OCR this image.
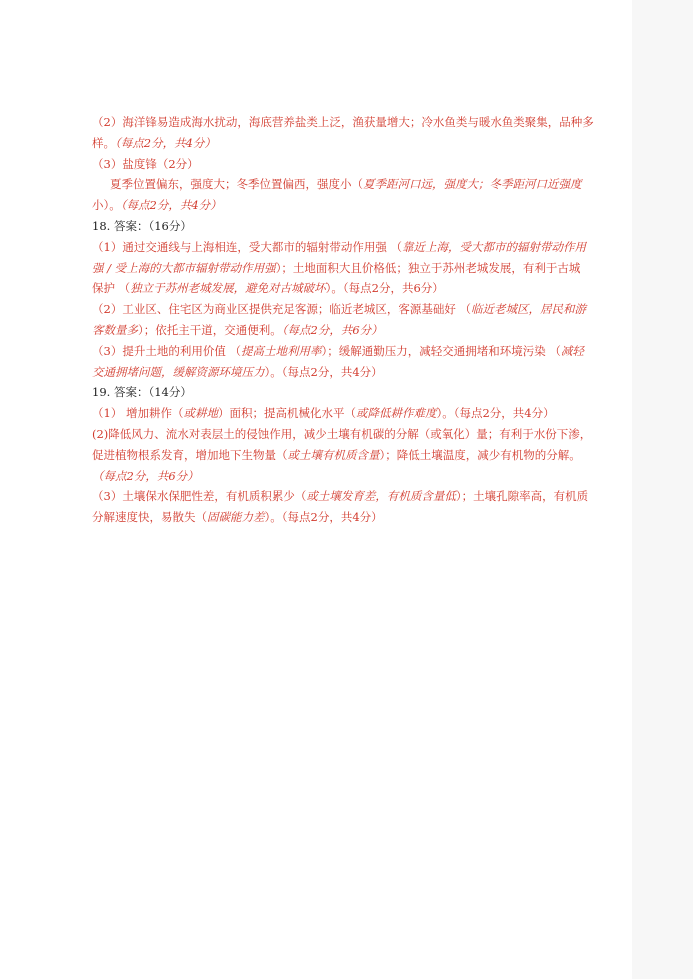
（2）海洋锋易造成海水扰动，海底营养盐类上泛，渔获量增大；冷水鱼类与暖水鱼类聚集，品种多
样。（每点2分，共4分）
（3）盐度锋（2分）
夏季位置偏东，强度大；冬季位置偏西，强度小（夏季距河口远，强度大；冬季距河口近强度
小）。（每点2分，共4分）
18. 答案：（16分）
（1）通过交通线与上海相连，受大都市的辐射带动作用强 （靠近上海，受大都市的辐射带动作用
强 / 受上海的大都市辐射带动作用强）；土地面积大且价格低；独立于苏州老城发展，有利于古城
保护 （独立于苏州老城发展，避免对古城破坏）。（每点2分，共6分）
（2）工业区、住宅区为商业区提供充足客源；临近老城区，客源基础好 （临近老城区，居民和游
客数量多）；依托主干道，交通便利。（每点2分，共6分）
（3）提升土地的利用价值 （提高土地利用率）；缓解通勤压力，减轻交通拥堵和环境污染 （减轻
交通拥堵问题，缓解资源环境压力）。（每点2分，共4分）
19. 答案：（14分）
（1） 增加耕作（或耕地）面积；提高机械化水平（或降低耕作难度）。（每点2分，共4分）
(2)降低风力、流水对表层土的侵蚀作用，减少土壤有机碳的分解（或氧化）量；有利于水份下渗，
促进植物根系发育，增加地下生物量（或土壤有机质含量）；降低土壤温度，减少有机物的分解。
（每点2分，共6分）
（3）土壤保水保肥性差，有机质积累少（或土壤发育差，有机质含量低）；土壤孔隙率高，有机质
分解速度快，易散失（固碳能力差）。（每点2分，共4分）
